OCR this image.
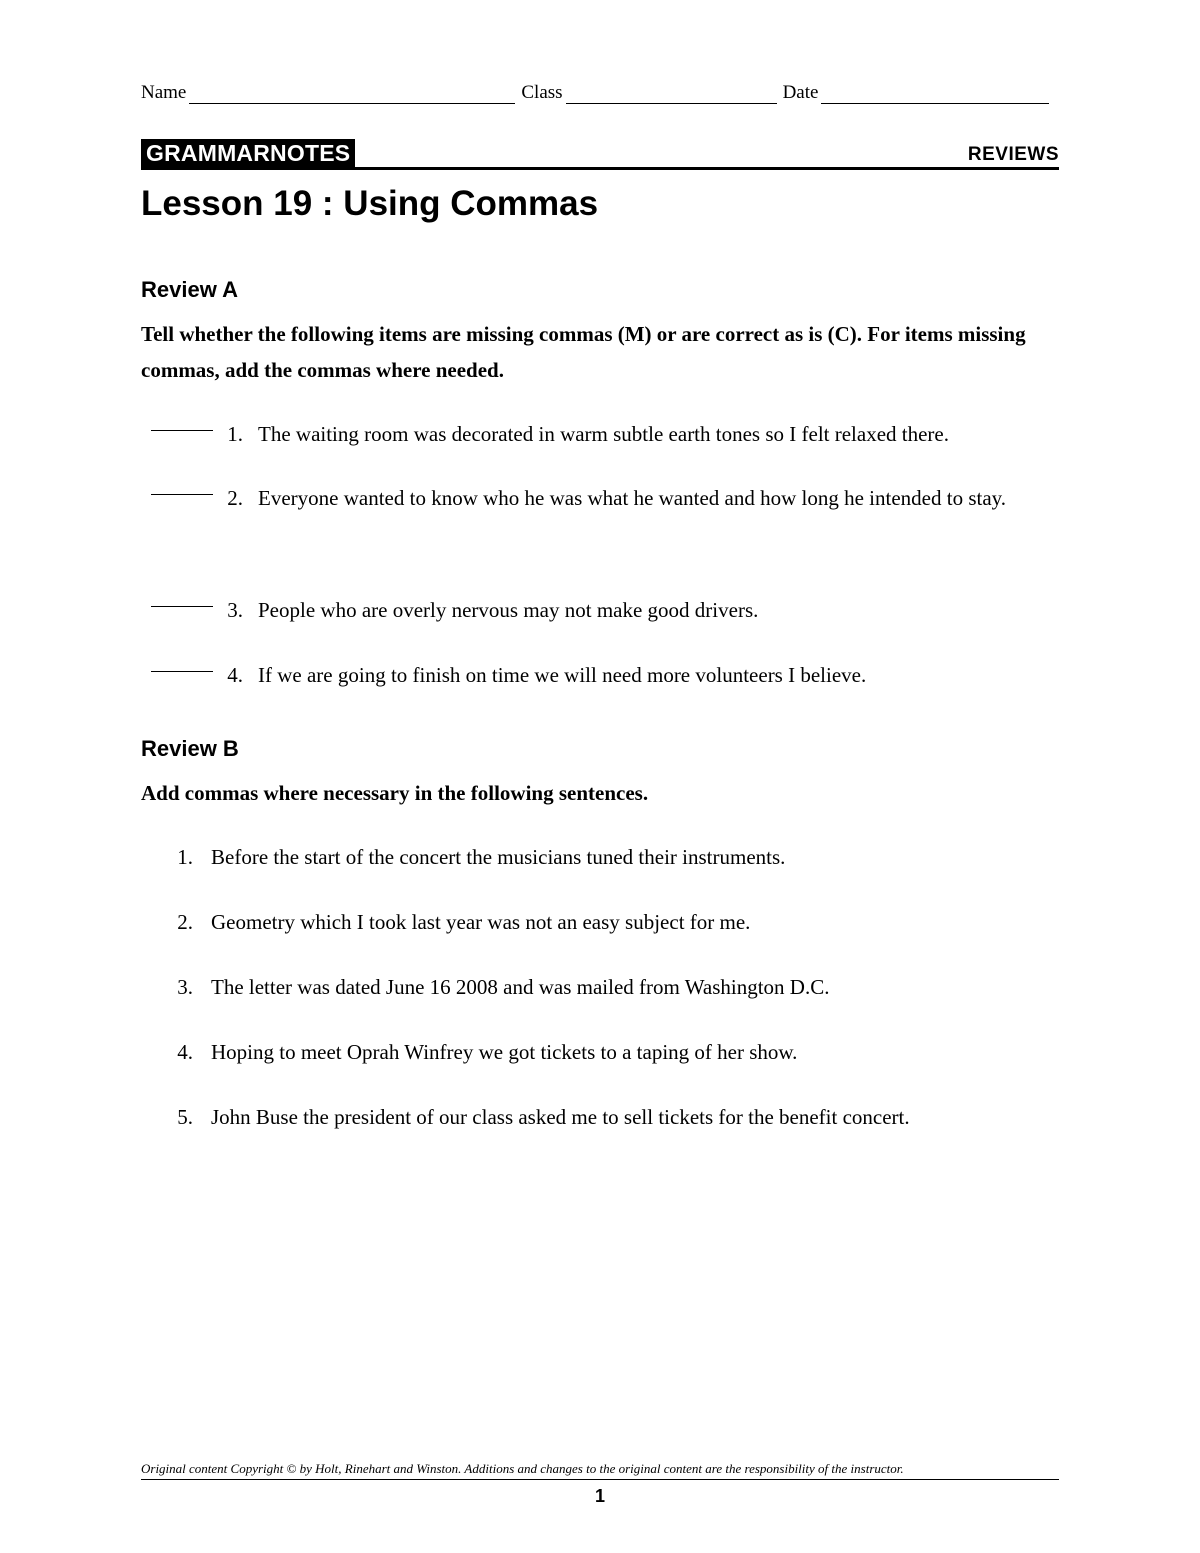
Name	Class	Date
GRAMMARNOTES	REVIEWS
Lesson 19 : Using Commas
Review A

Tell whether the following items are missing commas (M) or are correct as is (C). For items missing commas, add the commas where needed.

1. The waiting room was decorated in warm subtle earth tones so I felt relaxed there.
2. Everyone wanted to know who he was what he wanted and how long he intended to stay.
3. People who are overly nervous may not make good drivers.
4. If we are going to finish on time we will need more volunteers I believe.
Review B

Add commas where necessary in the following sentences.

1. Before the start of the concert the musicians tuned their instruments.
2. Geometry which I took last year was not an easy subject for me.
3. The letter was dated June 16 2008 and was mailed from Washington D.C.
4. Hoping to meet Oprah Winfrey we got tickets to a taping of her show.
5. John Buse the president of our class asked me to sell tickets for the benefit concert.
Original content Copyright © by Holt, Rinehart and Winston. Additions and changes to the original content are the responsibility of the instructor.
1
